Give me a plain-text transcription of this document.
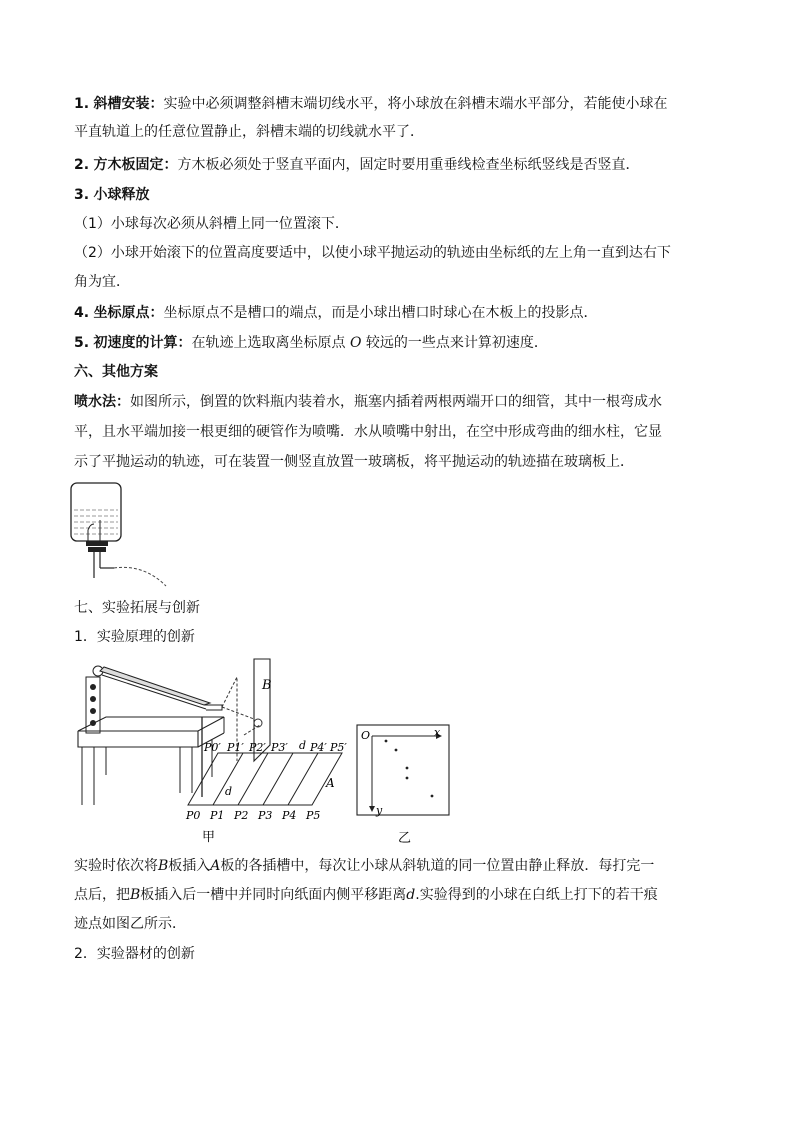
1. 斜槽安装：实验中必须调整斜槽末端切线水平，将小球放在斜槽末端水平部分，若能使小球在
平直轨道上的任意位置静止，斜槽末端的切线就水平了．
2. 方木板固定：方木板必须处于竖直平面内，固定时要用重垂线检查坐标纸竖线是否竖直．
3. 小球释放
（1）小球每次必须从斜槽上同一位置滚下．
（2）小球开始滚下的位置高度要适中，以使小球平抛运动的轨迹由坐标纸的左上角一直到达右下
角为宜．
4. 坐标原点：坐标原点不是槽口的端点，而是小球出槽口时球心在木板上的投影点．
5. 初速度的计算：在轨迹上选取离坐标原点 O 较远的一些点来计算初速度．
六、其他方案
喷水法：如图所示，倒置的饮料瓶内装着水，瓶塞内插着两根两端开口的细管，其中一根弯成水
平，且水平端加接一根更细的硬管作为喷嘴．水从喷嘴中射出，在空中形成弯曲的细水柱，它显
示了平抛运动的轨迹，可在装置一侧竖直放置一玻璃板，将平抛运动的轨迹描在玻璃板上．
七、实验拓展与创新
1．实验原理的创新
B
A
d
d
P0′ P1′ P2′ P3′ P4′ P5′
P0 P1 P2 P3 P4 P5
甲
O	x
y
乙
实验时依次将B板插入A板的各插槽中，每次让小球从斜轨道的同一位置由静止释放．每打完一
点后，把B板插入后一槽中并同时向纸面内侧平移距离d.实验得到的小球在白纸上打下的若干痕
迹点如图乙所示．
2．实验器材的创新
